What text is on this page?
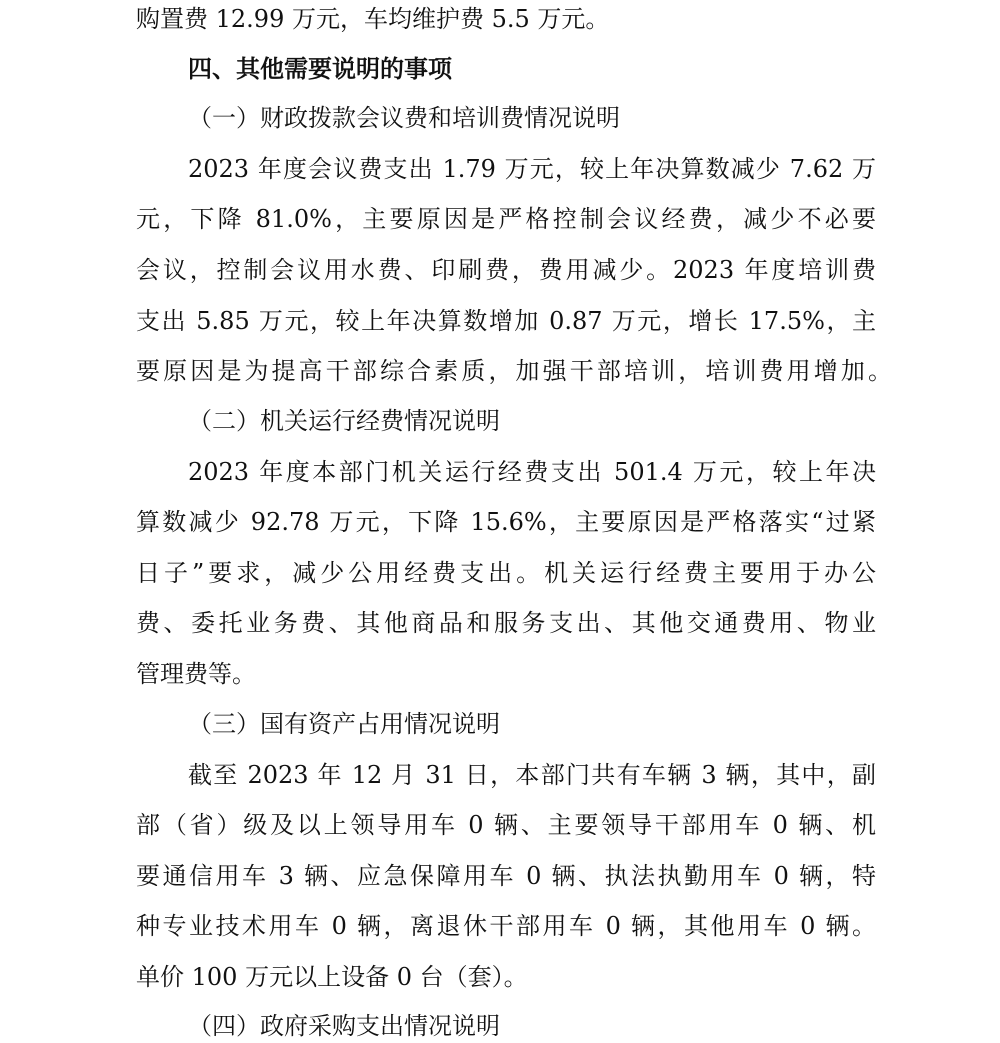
购置费 12.99 万元，车均维护费 5.5 万元。
四、其他需要说明的事项
（一）财政拨款会议费和培训费情况说明
2023 年度会议费支出 1.79 万元，较上年决算数减少 7.62 万
元，下降 81.0%，主要原因是严格控制会议经费，减少不必要
会议，控制会议用水费、印刷费，费用减少。2023 年度培训费
支出 5.85 万元，较上年决算数增加 0.87 万元，增长 17.5%，主
要原因是为提高干部综合素质，加强干部培训，培训费用增加。
（二）机关运行经费情况说明
2023 年度本部门机关运行经费支出 501.4 万元，较上年决
算数减少 92.78 万元，下降 15.6%，主要原因是严格落实“过紧
日子”要求，减少公用经费支出。机关运行经费主要用于办公
费、委托业务费、其他商品和服务支出、其他交通费用、物业
管理费等。
（三）国有资产占用情况说明
截至 2023 年 12 月 31 日，本部门共有车辆 3 辆，其中，副
部（省）级及以上领导用车 0 辆、主要领导干部用车 0 辆、机
要通信用车 3 辆、应急保障用车 0 辆、执法执勤用车 0 辆，特
种专业技术用车 0 辆，离退休干部用车 0 辆，其他用车 0 辆。
单价 100 万元以上设备 0 台（套）。
（四）政府采购支出情况说明
